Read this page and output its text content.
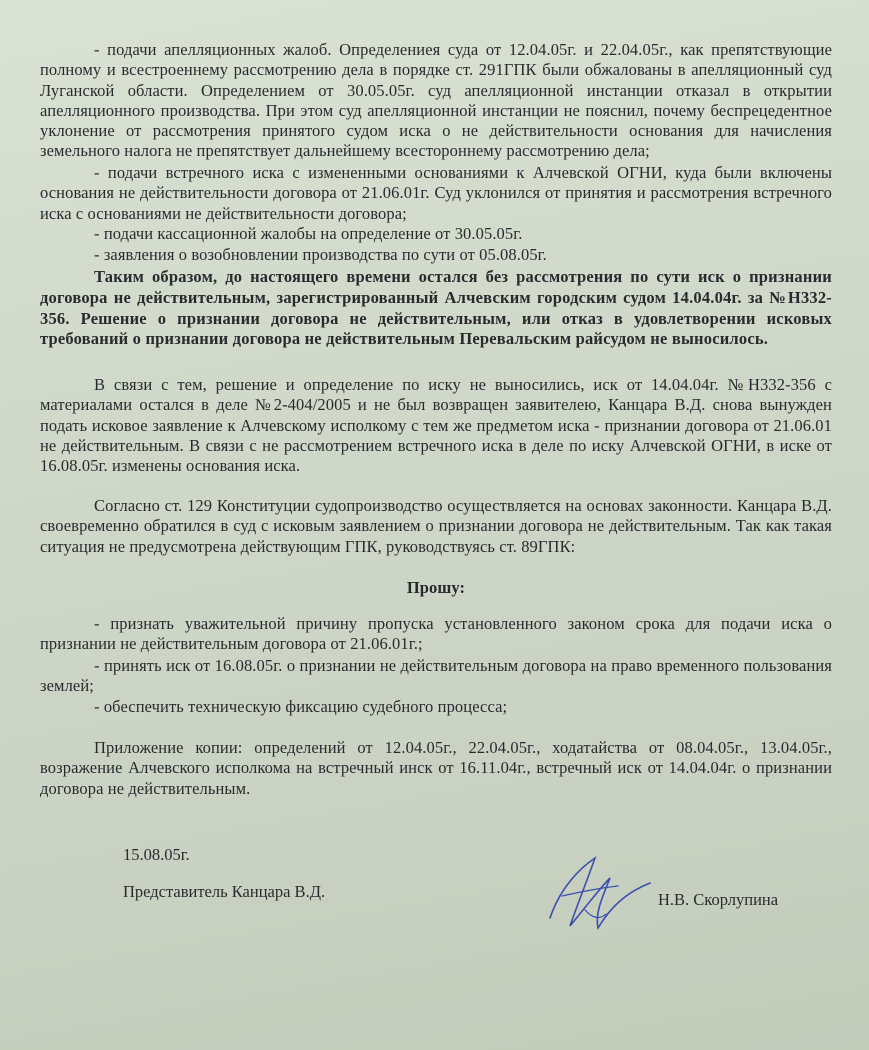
- подачи апелляционных жалоб. Определениея суда от 12.04.05г. и 22.04.05г., как препятствующие полному и всестроеннему рассмотрению дела в порядке ст. 291ГПК были обжалованы в апелляционный суд Луганской области. Определением от 30.05.05г. суд апелляционной инстанции отказал в открытии апелляционного производства. При этом суд апелляционной инстанции не пояснил, почему беспрецедентное уклонение от рассмотрения принятого судом иска о не действительности основания для начисления земельного налога не препятствует дальнейшему всестороннему рассмотрению дела;

- подачи встречного иска с измененными основаниями к Алчевской ОГНИ, куда были включены основания не действительности договора от 21.06.01г. Суд уклонился от принятия и рассмотрения встречного иска с основаниями не действительности договора;

- подачи кассационной жалобы на определение от 30.05.05г.

- заявления о возобновлении производства по сути от 05.08.05г.

Таким образом, до настоящего времени остался без рассмотрения по сути иск о признании договора не действительным, зарегистрированный Алчевским городским судом 14.04.04г. за №Н332-356. Решение о признании договора не действительным, или отказ в удовлетворении исковых требований о признании договора не действительным Перевальским райсудом не выносилось.

В связи с тем, решение и определение по иску не выносились, иск от 14.04.04г. №Н332-356 с материалами остался в деле №2-404/2005 и не был возвращен заявителею, Канцара В.Д. снова вынужден подать исковое заявление к Алчевскому исполкому с тем же предметом иска - признании договора от 21.06.01 не действительным. В связи с не рассмотрением встречного иска в деле по иску Алчевской ОГНИ, в иске от 16.08.05г. изменены основания иска.

Согласно ст. 129 Конституции судопроизводство осуществляется на основах законности. Канцара В.Д. своевременно обратился в суд с исковым заявлением о признании договора не действительным. Так как такая ситуация не предусмотрена действующим ГПК, руководствуясь ст. 89ГПК:

Прошу:

- признать уважительной причину пропуска установленного законом срока для подачи иска о признании не действительным договора от 21.06.01г.;

- принять иск от 16.08.05г. о признании не действительным договора на право временного пользования землей;

- обеспечить техническую фиксацию судебного процесса;

Приложение копии: определений от 12.04.05г., 22.04.05г., ходатайства от 08.04.05г., 13.04.05г., возражение Алчевского исполкома на встречный инск от 16.11.04г., встречный иск от 14.04.04г. о признании договора не действительным.

15.08.05г.
Представитель Канцара В.Д.	Н.В. Скорлупина
